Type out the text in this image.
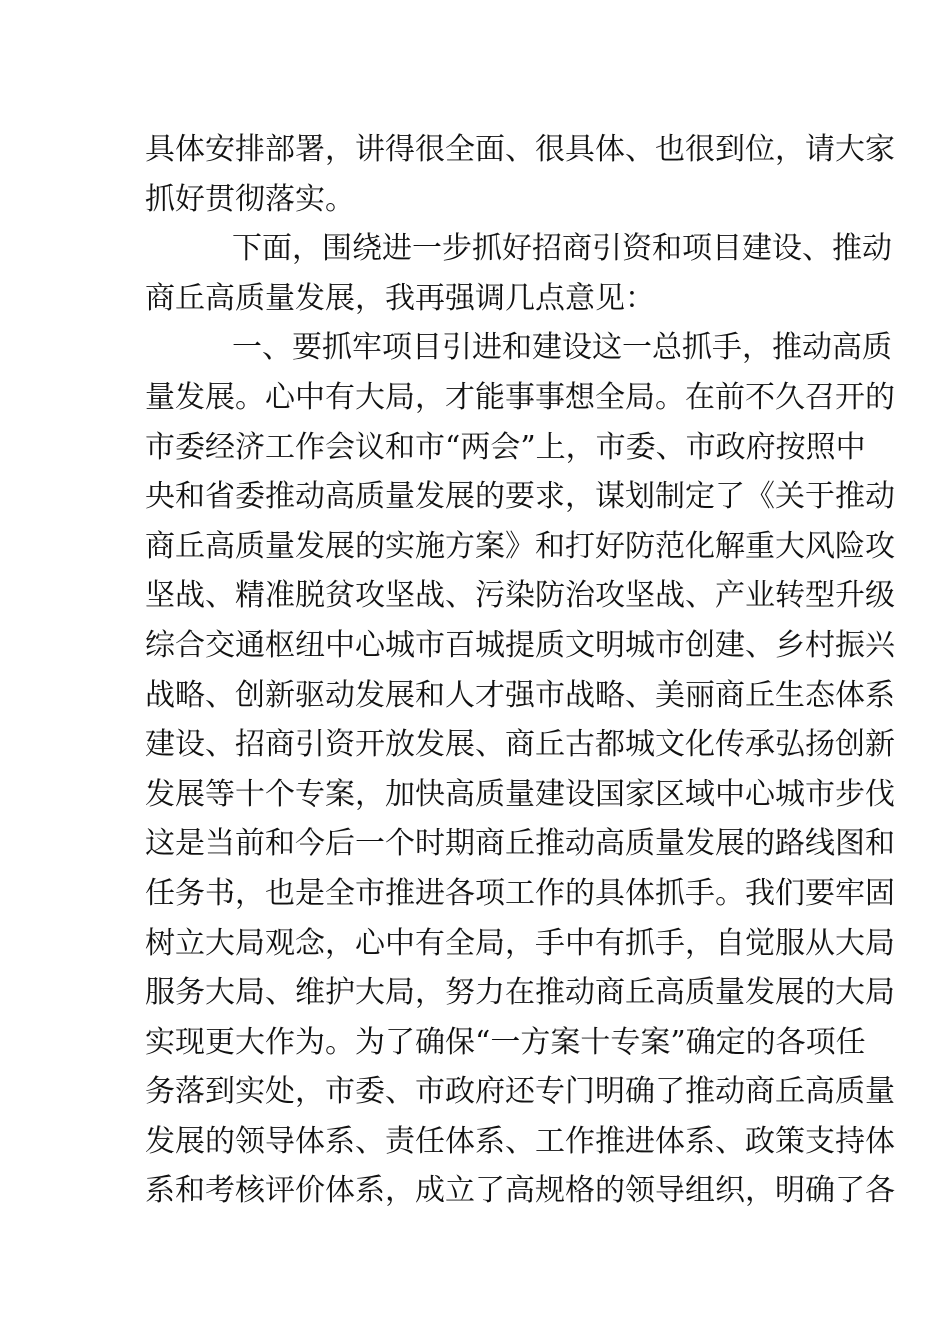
具体安排部署，讲得很全面、很具体、也很到位，请大家
抓好贯彻落实。
下面，围绕进一步抓好招商引资和项目建设、推动
商丘高质量发展，我再强调几点意见：
一、要抓牢项目引进和建设这一总抓手，推动高质
量发展。心中有大局，才能事事想全局。在前不久召开的
市委经济工作会议和市“两会”上，市委、市政府按照中
央和省委推动高质量发展的要求，谋划制定了《关于推动
商丘高质量发展的实施方案》和打好防范化解重大风险攻
坚战、精准脱贫攻坚战、污染防治攻坚战、产业转型升级
综合交通枢纽中心城市百城提质文明城市创建、乡村振兴
战略、创新驱动发展和人才强市战略、美丽商丘生态体系
建设、招商引资开放发展、商丘古都城文化传承弘扬创新
发展等十个专案，加快高质量建设国家区域中心城市步伐
这是当前和今后一个时期商丘推动高质量发展的路线图和
任务书，也是全市推进各项工作的具体抓手。我们要牢固
树立大局观念，心中有全局，手中有抓手，自觉服从大局
服务大局、维护大局，努力在推动商丘高质量发展的大局
实现更大作为。为了确保“一方案十专案”确定的各项任
务落到实处，市委、市政府还专门明确了推动商丘高质量
发展的领导体系、责任体系、工作推进体系、政策支持体
系和考核评价体系，成立了高规格的领导组织，明确了各
